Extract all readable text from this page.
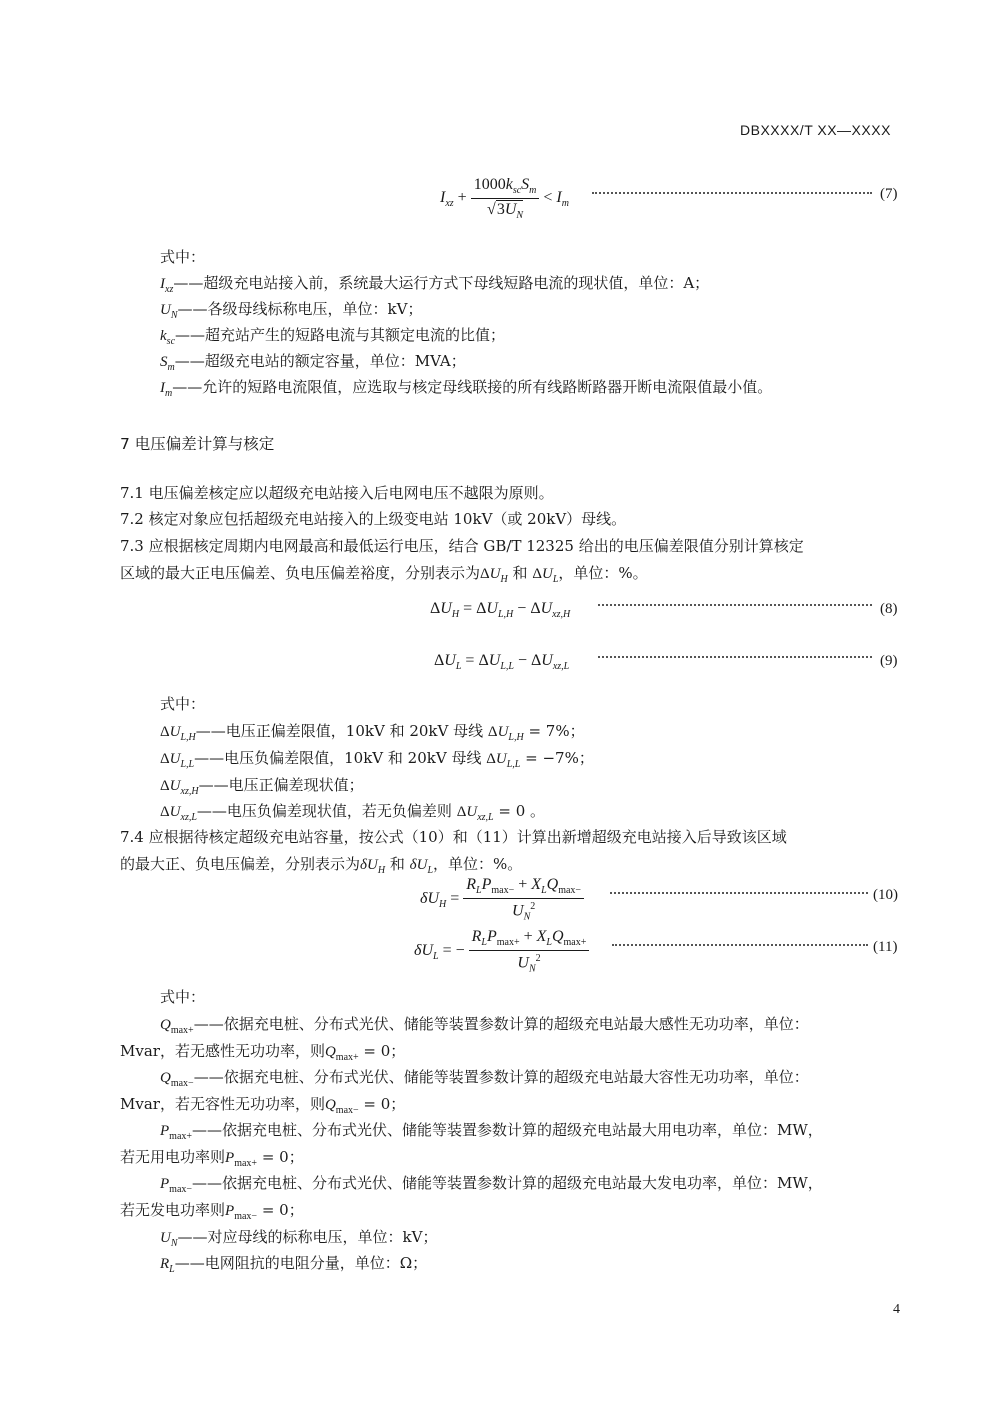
DBXXXX/T XX—XXXX
$I_{xz} + \frac{1000k_{sc}S_m}{√3U_N} < I_m$
(7)
式中：
$I_{xz}——$超级充电站接入前，系统最大运行方式下母线短路电流的现状值，单位：A；
$U_N——$各级母线标称电压，单位：kV；
$k_{sc}——$超充站产生的短路电流与其额定电流的比值；
$S_m——$超级充电站的额定容量，单位：MVA；
$I_m——$允许的短路电流限值，应选取与核定母线联接的所有线路断路器开断电流限值最小值。
7 电压偏差计算与核定
7.1 电压偏差核定应以超级充电站接入后电网电压不越限为原则。
7.2 核定对象应包括超级充电站接入的上级变电站 10kV（或 20kV）母线。
7.3 应根据核定周期内电网最高和最低运行电压，结合 GB/T 12325 给出的电压偏差限值分别计算核定
区域的最大正电压偏差、负电压偏差裕度，分别表示为$\Delta U_H$ 和 $\Delta U_L$，单位：%。
$\Delta U_H = \Delta U_{L,H} - \Delta U_{xz,H}$	(8)
$\Delta U_L = \Delta U_{L,L} - \Delta U_{xz,L}$	(9)
式中：
$\Delta U_{L,H}——$电压正偏差限值，10kV 和 20kV 母线 $\Delta U_{L,H} = 7\%$；
$\Delta U_{L,L}——$电压负偏差限值，10kV 和 20kV 母线 $\Delta U_{L,L} = -7\%$；
$\Delta U_{xz,H}——$电压正偏差现状值；
$\Delta U_{xz,L}——$电压负偏差现状值，若无负偏差则 $\Delta U_{xz,L} = 0$ 。
7.4 应根据待核定超级充电站容量，按公式（10）和（11）计算出新增超级充电站接入后导致该区域
的最大正、负电压偏差，分别表示为$\delta U_H$ 和 $\delta U_L$，单位：%。
$\delta U_H = \frac{R_LP_{max-} + X_LQ_{max-}}{U_N^2}$	(10)
$\delta U_L$ = − $\frac{R_LP_{max+} + X_LQ_{max+}}{U_N^2}$	(11)
式中：
$Q_{max+}——$依据充电桩、分布式光伏、储能等装置参数计算的超级充电站最大感性无功功率，单位：
Mvar，若无感性无功功率，则$Q_{max+} = 0$；
$Q_{max-}——$依据充电桩、分布式光伏、储能等装置参数计算的超级充电站最大容性无功功率，单位：
Mvar，若无容性无功功率，则$Q_{max-} = 0$；
$P_{max+}——$依据充电桩、分布式光伏、储能等装置参数计算的超级充电站最大用电功率，单位：MW，
若无用电功率则$P_{max+} = 0$；
$P_{max-}——$依据充电桩、分布式光伏、储能等装置参数计算的超级充电站最大发电功率，单位：MW，
若无发电功率则$P_{max-} = 0$；
$U_N——$对应母线的标称电压，单位：kV；
$R_L——$电网阻抗的电阻分量，单位：Ω；
4
